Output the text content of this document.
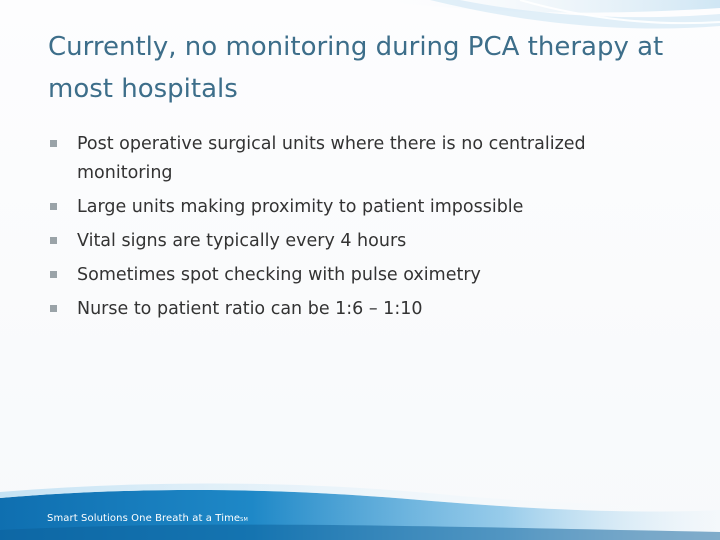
Currently, no monitoring during PCA therapy at most hospitals
Post operative surgical units where there is no centralized monitoring
Large units making proximity to patient impossible
Vital signs are typically every 4 hours
Sometimes spot checking with pulse oximetry
Nurse to patient ratio can be 1:6 – 1:10
Smart Solutions One Breath at a TimeSM
